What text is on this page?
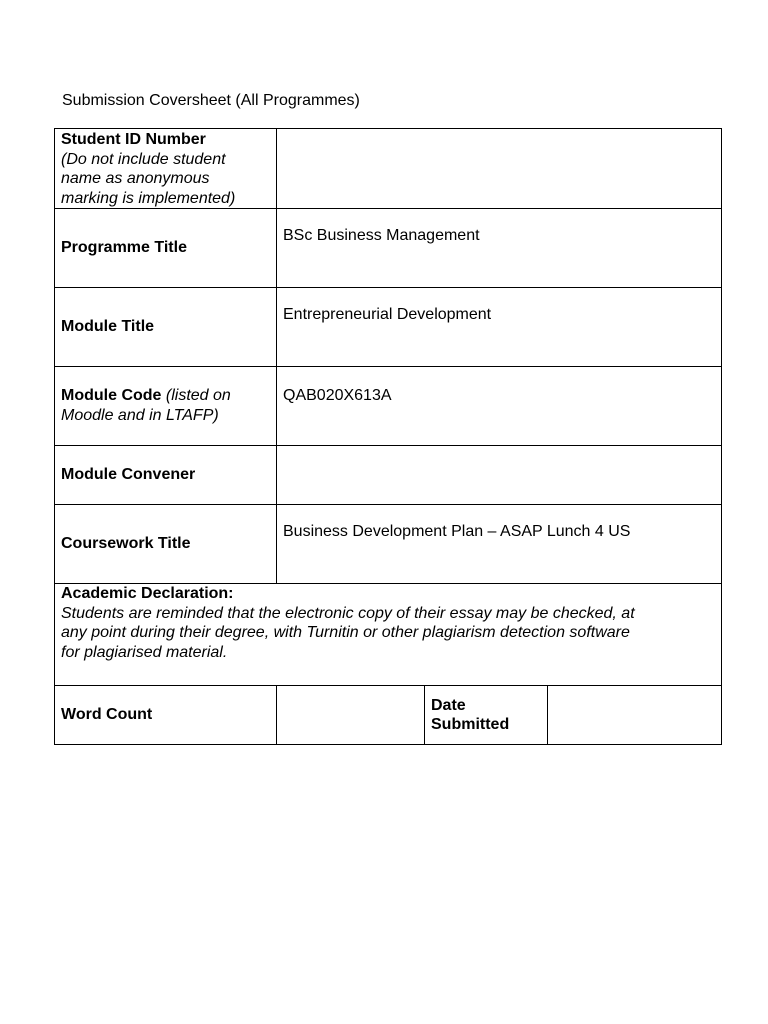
Submission Coversheet (All Programmes)
Student ID Number
(Do not include student
name as anonymous
marking is implemented)			

Programme Title	BSc Business Management		
Module Title	Entrepreneurial Development		
Module Code (listed on
Moodle and in LTAFP)	QAB020X613A		
Module Convener			
Coursework Title	Business Development Plan – ASAP Lunch 4 US		

Academic Declaration:
Students are reminded that the electronic copy of their essay may be checked, at
any point during their degree, with Turnitin or other plagiarism detection software
for plagiarised material.			

Word Count		Date
Submitted	
